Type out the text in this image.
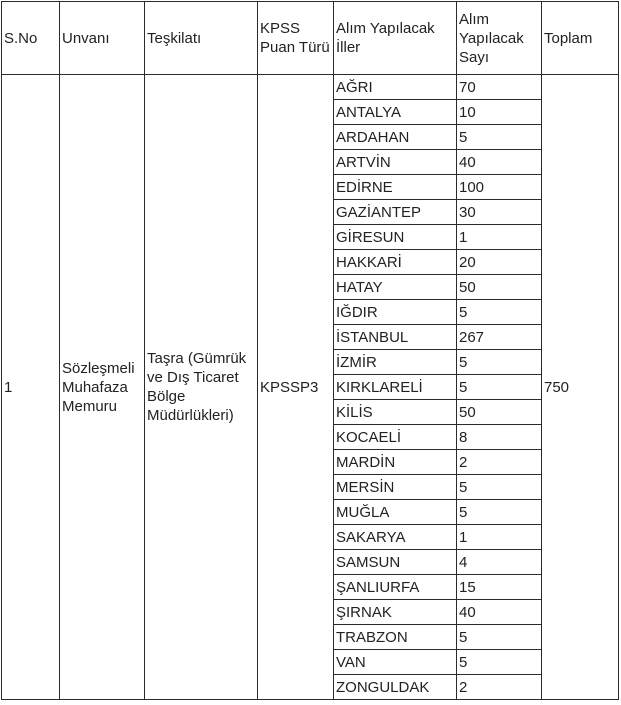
S.No	Unvanı	Teşkilatı	KPSS Puan Türü	Alım Yapılacak İller	Alım Yapılacak Sayı	Toplam
1	Sözleşmeli Muhafaza Memuru	Taşra (Gümrük ve Dış Ticaret Bölge Müdürlükleri)	KPSSP3	AĞRI	70	750
				ANTALYA	10	
				ARDAHAN	5	
				ARTVİN	40	
				EDİRNE	100	
				GAZİANTEP	30	
				GİRESUN	1	
				HAKKARİ	20	
				HATAY	50	
				IĞDIR	5	
				İSTANBUL	267	
				İZMİR	5	
				KIRKLARELİ	5	
				KİLİS	50	
				KOCAELİ	8	
				MARDİN	2	
				MERSİN	5	
				MUĞLA	5	
				SAKARYA	1	
				SAMSUN	4	
				ŞANLIURFA	15	
				ŞIRNAK	40	
				TRABZON	5	
				VAN	5	
				ZONGULDAK	2	
